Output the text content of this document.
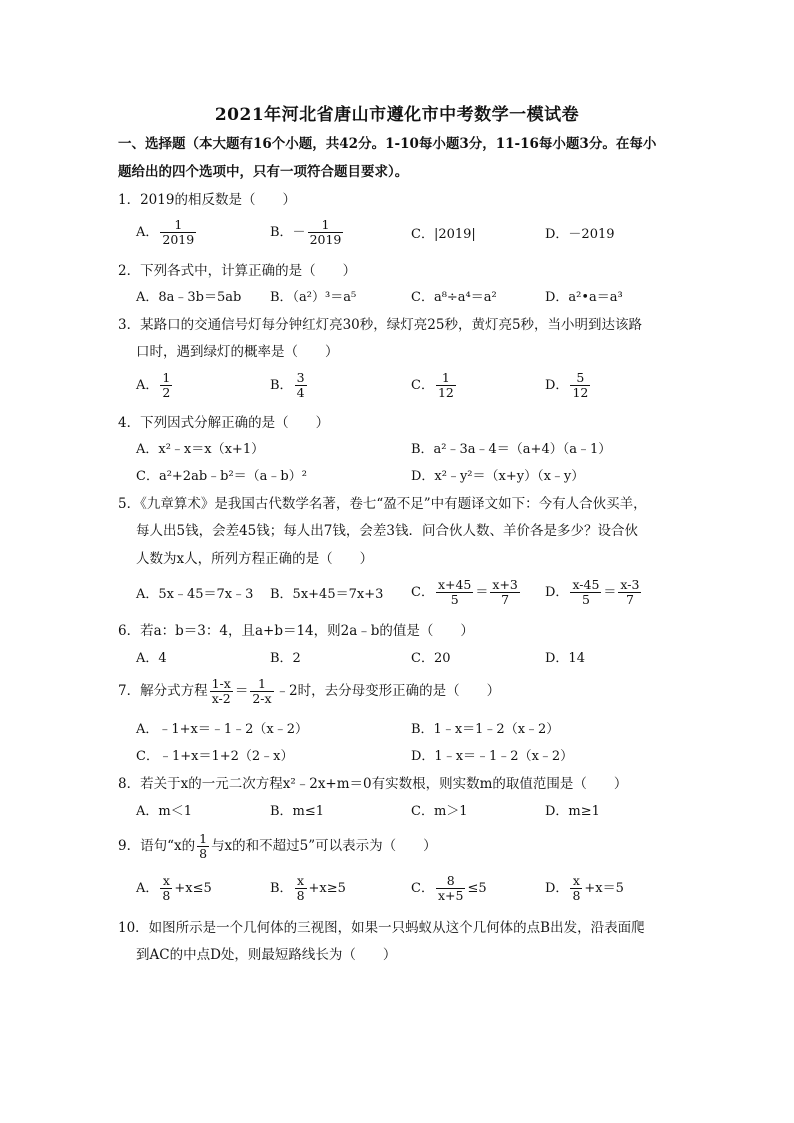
2021年河北省唐山市遵化市中考数学一模试卷
一、选择题（本大题有16个小题，共42分。1-10每小题3分，11-16每小题3分。在每小
题给出的四个选项中，只有一项符合题目要求）。
1．2019的相反数是（　　）
A． $\frac{1}{2019}$	B．－ $\frac{1}{2019}$	C．|2019|	D．－2019
2．下列各式中，计算正确的是（　　）
A．8a﹣3b＝5ab B．（a²）³＝a⁵	C．a⁸÷a⁴＝a²	D．a²•a＝a³
3．某路口的交通信号灯每分钟红灯亮30秒，绿灯亮25秒，黄灯亮5秒，当小明到达该路
口时，遇到绿灯的概率是（　　）
A． $\frac{1}{2}$	B． $\frac{3}{4}$	C． $\frac{1}{12}$	D． $\frac{5}{12}$
4．下列因式分解正确的是（　　）
A．x²﹣x＝x（x+1）	B．a²﹣3a﹣4＝（a+4）（a﹣1）
C．a²+2ab﹣b²＝（a﹣b）²	D．x²﹣y²＝（x+y）（x﹣y）
5．《九章算术》是我国古代数学名著，卷七“盈不足”中有题译文如下：今有人合伙买羊，
每人出5钱，会差45钱；每人出7钱，会差3钱．问合伙人数、羊价各是多少？设合伙
人数为x人，所列方程正确的是（　　）
A．5x﹣45＝7x﹣3 B．5x+45＝7x+3 C． $\frac{x+45}{5} = \frac{x+3}{7}$ D． $\frac{x-45}{5} = \frac{x-3}{7}$
6．若a：b＝3：4，且a+b＝14，则2a﹣b的值是（　　）
A．4	B．2	C．20	D．14
7．解分式方程 $\frac{1-x}{x-2} = \frac{1}{2-x}$ ﹣2时，去分母变形正确的是（　　）
A．﹣1+x＝﹣1﹣2（x﹣2）	B．1﹣x＝1﹣2（x﹣2）
C．﹣1+x＝1+2（2﹣x）	D．1﹣x＝﹣1﹣2（x﹣2）
8．若关于x的一元二次方程x²﹣2x+m＝0有实数根，则实数m的取值范围是（　　）
A．m＜1	B．m≤1	C．m＞1	D．m≥1
9．语句“x的 $\frac{1}{8}$ 与x的和不超过5”可以表示为（　　）
A． $\frac{x}{8} +x\le 5$	B． $\frac{x}{8} +x\ge 5$	C． $\frac{8}{x+5} \le 5$	D． $\frac{x}{8} +x=5$
10．如图所示是一个几何体的三视图，如果一只蚂蚁从这个几何体的点B出发，沿表面爬
到AC的中点D处，则最短路线长为（　　）
